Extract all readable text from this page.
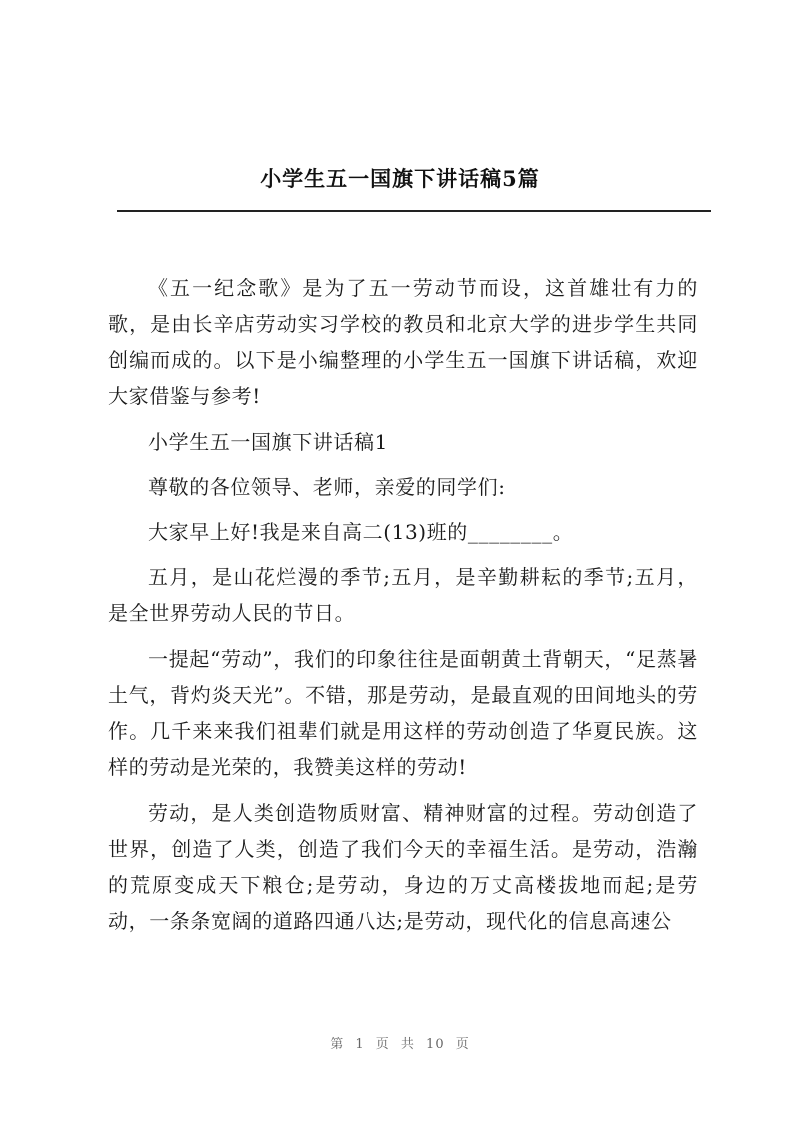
小学生五一国旗下讲话稿5篇

《五一纪念歌》是为了五一劳动节而设，这首雄壮有力的歌，是由长辛店劳动实习学校的教员和北京大学的进步学生共同创编而成的。以下是小编整理的小学生五一国旗下讲话稿，欢迎大家借鉴与参考!

小学生五一国旗下讲话稿1

尊敬的各位领导、老师，亲爱的同学们:

大家早上好!我是来自高二(13)班的________。

五月，是山花烂漫的季节;五月，是辛勤耕耘的季节;五月，是全世界劳动人民的节日。

一提起“劳动”，我们的印象往往是面朝黄土背朝天，“足蒸暑土气，背灼炎天光”。不错，那是劳动，是最直观的田间地头的劳作。几千来来我们祖辈们就是用这样的劳动创造了华夏民族。这样的劳动是光荣的，我赞美这样的劳动!

劳动，是人类创造物质财富、精神财富的过程。劳动创造了世界，创造了人类，创造了我们今天的幸福生活。是劳动，浩瀚的荒原变成天下粮仓;是劳动，身边的万丈高楼拔地而起;是劳动，一条条宽阔的道路四通八达;是劳动，现代化的信息高速公

第 1 页 共 10 页
